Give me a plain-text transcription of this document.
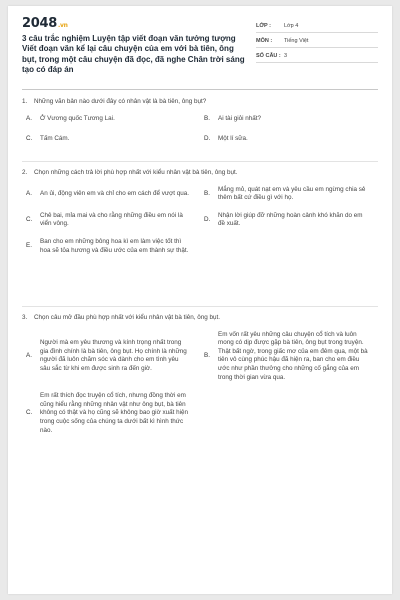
2048.vn
3 câu trắc nghiệm Luyện tập viết đoạn văn tưởng tượng Viết đoạn văn kể lại câu chuyện của em với bà tiên, ông bụt, trong một câu chuyện đã đọc, đã nghe Chân trời sáng tạo có đáp án
LỚP :	Lớp 4
MÔN :	Tiếng Việt
SỐ CÂU : 3
1.	Những văn bản nào dưới đây có nhân vật là bà tiên, ông bụt?
A.	Ở Vương quốc Tương Lai.	B.	Ai tài giỏi nhất?
C.	Tấm Cám.	D.	Một lí sữa.
2.	Chọn những cách trả lời phù hợp nhất với kiểu nhân vật bà tiên, ông bụt.
A.	An ủi, động viên em và chỉ cho em cách để vượt qua.	B.
Mắng mỏ, quát nạt em và yêu cầu em ngừng chia sẻ thêm bất cứ điều gì với họ.
C.
Chê bai, mỉa mai và cho rằng những điều em nói là viển vông.
D.
Nhận lời giúp đỡ những hoàn cảnh khó khăn do em đề xuất.
E.
Ban cho em những bông hoa kì em làm việc tốt thì hoa sẽ tỏa hương và điều ước của em thành sự thật.
3.	Chọn câu mở đầu phù hợp nhất với kiểu nhân vật bà tiên, ông bụt.
A.
Người mà em yêu thương và kính trọng nhất trong gia đình chính là bà tiên, ông bụt. Họ chính là những người đã luôn chăm sóc và dành cho em tình yêu sâu sắc từ khi em được sinh ra đến giờ.
B.
Em vốn rất yêu những câu chuyện cổ tích và luôn mong có dịp được gặp bà tiên, ông bụt trong truyện. Thật bất ngờ, trong giấc mơ của em đêm qua, một bà tiên vô cùng phúc hậu đã hiện ra, ban cho em điều ước như phần thưởng cho những cố gắng của em trong thời gian vừa qua.
C.
Em rất thích đọc truyện cổ tích, nhưng đồng thời em cũng hiểu rằng những nhân vật như ông bụt, bà tiên không có thật và họ cũng sẽ không bao giờ xuất hiện trong cuộc sống của chúng ta dưới bất kì hình thức nào.
